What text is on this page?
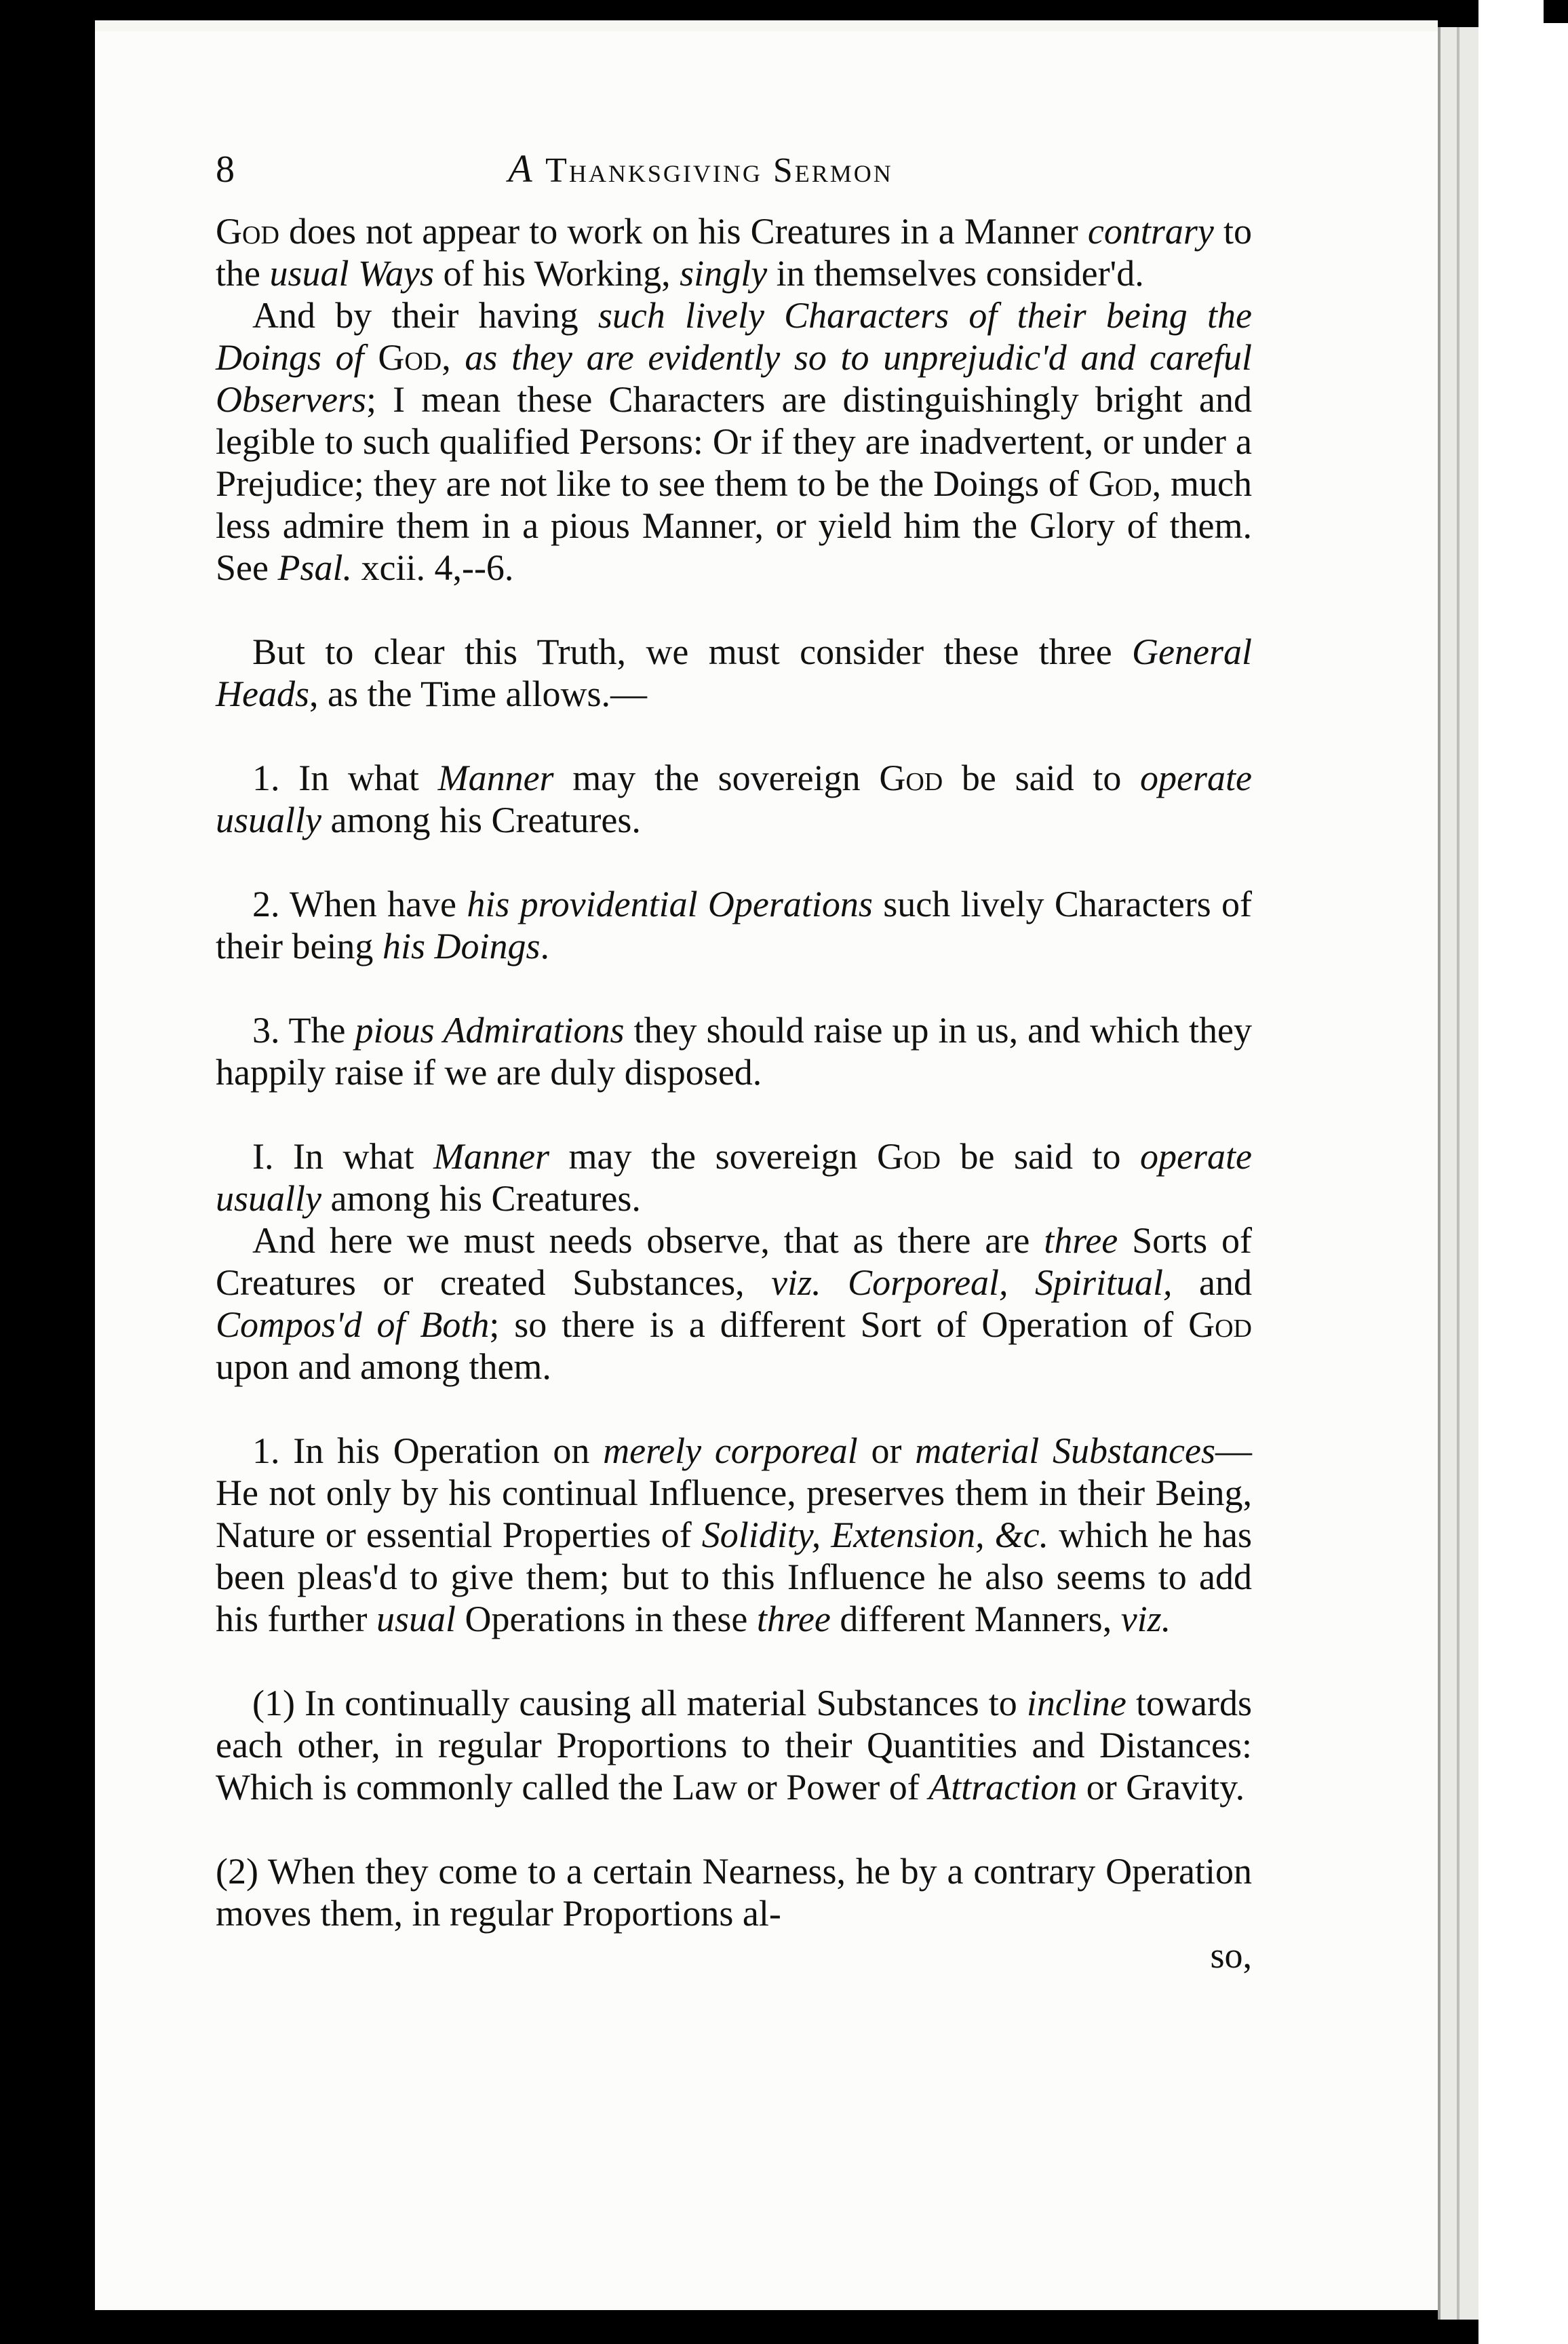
8	A Thanksgiving Sermon

God does not appear to work on his Creatures in a Manner contrary to the usual Ways of his Working, singly in themselves consider'd.

And by their having such lively Characters of their being the Doings of God, as they are evidently so to unprejudic'd and careful Observers; I mean these Characters are distinguishingly bright and legible to such qualified Persons: Or if they are inadvertent, or under a Prejudice; they are not like to see them to be the Doings of God, much less admire them in a pious Manner, or yield him the Glory of them. See Psal. xcii. 4,--6.

But to clear this Truth, we must consider these three General Heads, as the Time allows.—

1. In what Manner may the sovereign God be said to operate usually among his Creatures.

2. When have his providential Operations such lively Characters of their being his Doings.

3. The pious Admirations they should raise up in us, and which they happily raise if we are duly disposed.

I. In what Manner may the sovereign God be said to operate usually among his Creatures.

And here we must needs observe, that as there are three Sorts of Creatures or created Substances, viz. Corporeal, Spiritual, and Compos'd of Both; so there is a different Sort of Operation of God upon and among them.

1. In his Operation on merely corporeal or material Substances—He not only by his continual Influence, preserves them in their Being, Nature or essential Properties of Solidity, Extension, &c. which he has been pleas'd to give them; but to this Influence he also seems to add his further usual Operations in these three different Manners, viz.

(1) In continually causing all material Substances to incline towards each other, in regular Proportions to their Quantities and Distances: Which is commonly called the Law or Power of Attraction or Gravity.

(2) When they come to a certain Nearness, he by a contrary Operation moves them, in regular Proportions al-

so,
